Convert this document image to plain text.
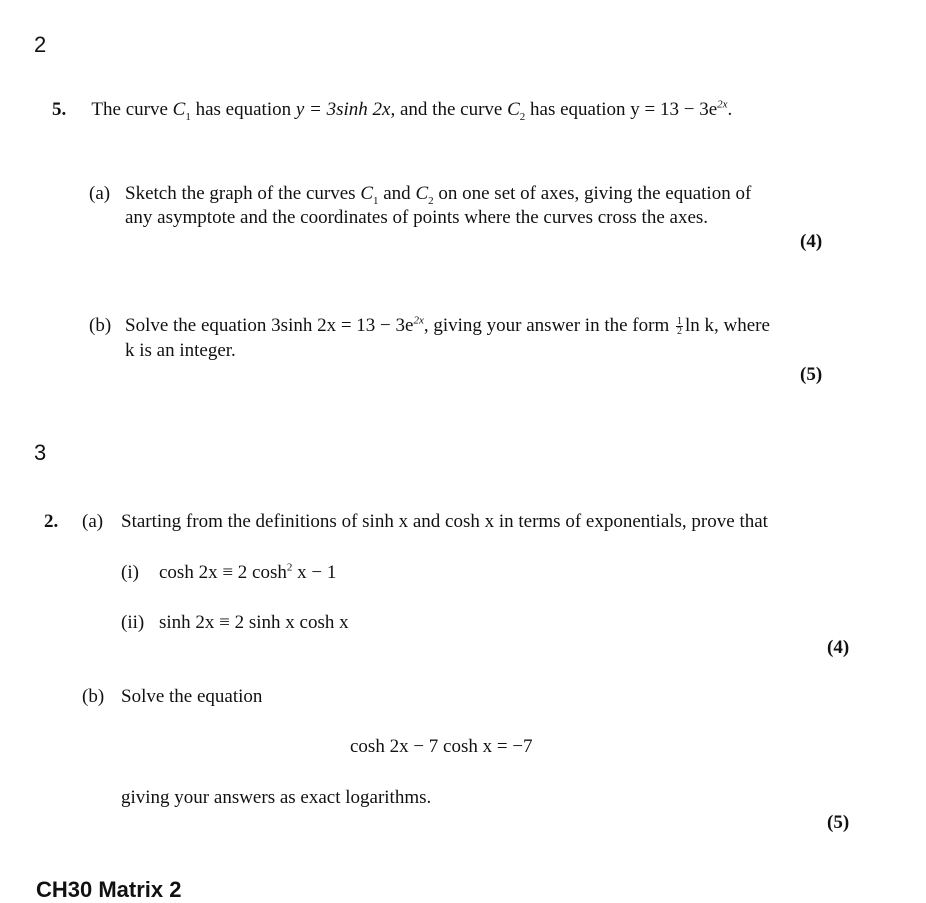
2
5. The curve $C_1$ has equation y = 3sinh 2x, and the curve $C_2$ has equation $y = 13 - 3e^{2x}$.
(a) Sketch the graph of the curves $C_1$ and $C_2$ on one set of axes, giving the equation of
any asymptote and the coordinates of points where the curves cross the axes.
(4)
(b) Solve the equation 3sinh $2x = 13 - 3e^{2x}$, giving your answer in the form $\frac{1}{2}$ ln k, where
k is an integer.
(5)
3
2. (a) Starting from the definitions of sinh x and cosh x in terms of exponentials, prove that
(i) cosh 2x ≡ 2 $\cosh^2 x - 1$
(ii) sinh 2x ≡ 2 sinh x cosh x
(4)
(b) Solve the equation
cosh 2x − 7 cosh x = −7
giving your answers as exact logarithms.
(5)
CH30 Matrix 2
